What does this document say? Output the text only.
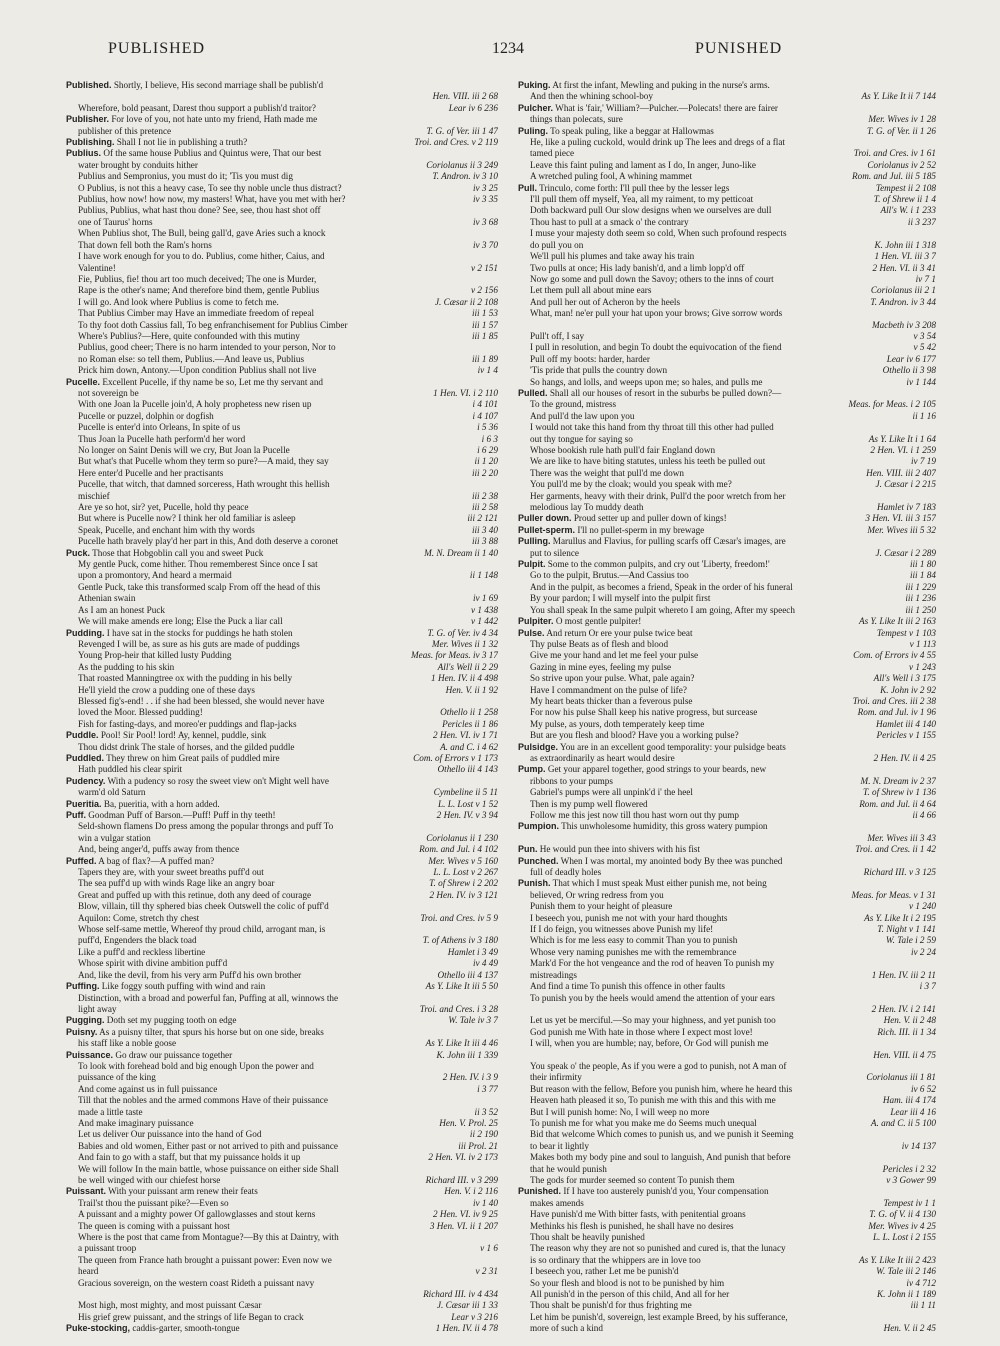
PUBLISHED	1234	PUNISHED
Published. Shortly, I believe, His second marriage shall be publish'd
Hen. VIII. iii 2 68
Lear iv 6 236
Wherefore, bold peasant, Darest thou support a publish'd traitor?
Publisher. For love of you, not hate unto my friend, Hath made me
T. G. of Ver. iii 1 47
publisher of this pretence
Troi. and Cres. v 2 119
Publishing. Shall I not lie in publishing a truth?
Publius. Of the same house Publius and Quintus were, That our best
Coriolanus ii 3 249
water brought by conduits hither
T. Andron. iv 3 10
Publius and Sempronius, you must do it; 'Tis you must dig
iv 3 25
O Publius, is not this a heavy case, To see thy noble uncle thus distract?
iv 3 35
Publius, how now! how now, my masters! What, have you met with her?
Publius, Publius, what hast thou done? See, see, thou hast shot off
iv 3 68
one of Taurus' horns
When Publius shot, The Bull, being gall'd, gave Aries such a knock
iv 3 70
That down fell both the Ram's horns
I have work enough for you to do. Publius, come hither, Caius, and
v 2 151
Valentine!
Fie, Publius, fie! thou art too much deceived; The one is Murder,
v 2 156
Rape is the other's name; And therefore bind them, gentle Publius
J. Cæsar ii 2 108
I will go. And look where Publius is come to fetch me.
iii 1 53
That Publius Cimber may Have an immediate freedom of repeal
iii 1 57
To thy foot doth Cassius fall, To beg enfranchisement for Publius Cimber
iii 1 85
Where's Publius?—Here, quite confounded with this mutiny
Publius, good cheer; There is no harm intended to your person, Nor to
iii 1 89
no Roman else: so tell them, Publius.—And leave us, Publius
iv 1 4
Prick him down, Antony.—Upon condition Publius shall not live
Pucelle. Excellent Pucelle, if thy name be so, Let me thy servant and
1 Hen. VI. i 2 110
not sovereign be
i 4 101
With one Joan la Pucelle join'd, A holy prophetess new risen up
i 4 107
Pucelle or puzzel, dolphin or dogfish
i 5 36
Pucelle is enter'd into Orleans, In spite of us
i 6 3
Thus Joan la Pucelle hath perform'd her word
i 6 29
No longer on Saint Denis will we cry, But Joan la Pucelle
ii 1 20
But what's that Pucelle whom they term so pure?—A maid, they say
iii 2 20
Here enter'd Pucelle and her practisants
Pucelle, that witch, that damned sorceress, Hath wrought this hellish
iii 2 38
mischief
iii 2 58
Are ye so hot, sir? yet, Pucelle, hold thy peace
iii 2 121
But where is Pucelle now? I think her old familiar is asleep
iii 3 40
Speak, Pucelle, and enchant him with thy words
iii 3 88
Pucelle hath bravely play'd her part in this, And doth deserve a coronet
M. N. Dream ii 1 40
Puck. Those that Hobgoblin call you and sweet Puck
My gentle Puck, come hither. Thou rememberest Since once I sat
ii 1 148
upon a promontory, And heard a mermaid
Gentle Puck, take this transformed scalp From off the head of this
iv 1 69
Athenian swain
v 1 438
As I am an honest Puck
v 1 442
We will make amends ere long; Else the Puck a liar call
T. G. of Ver. iv 4 34
Pudding. I have sat in the stocks for puddings he hath stolen
Mer. Wives ii 1 32
Revenged I will be, as sure as his guts are made of puddings
Meas. for Meas. iv 3 17
Young Prop-heir that killed lusty Pudding
All's Well ii 2 29
As the pudding to his skin
1 Hen. IV. ii 4 498
That roasted Manningtree ox with the pudding in his belly
Hen. V. ii 1 92
He'll yield the crow a pudding one of these days
Blessed fig's-end! . . if she had been blessed, she would never have
Othello ii 1 258
loved the Moor. Blessed pudding!
Pericles ii 1 86
Fish for fasting-days, and moreo'er puddings and flap-jacks
2 Hen. VI. iv 1 71
Puddle. Pool! Sir Pool! lord! Ay, kennel, puddle, sink
A. and C. i 4 62
Thou didst drink The stale of horses, and the gilded puddle
Com. of Errors v 1 173
Puddled. They threw on him Great pails of puddled mire
Othello iii 4 143
Hath puddled his clear spirit
Pudency. With a pudency so rosy the sweet view on't Might well have
Cymbeline ii 5 11
warm'd old Saturn
L. L. Lost v 1 52
Pueritia. Ba, pueritia, with a horn added.
2 Hen. IV. v 3 94
Puff. Goodman Puff of Barson.—Puff! Puff in thy teeth!
Seld-shown flamens Do press among the popular throngs and puff To
Coriolanus ii 1 230
win a vulgar station
Rom. and Jul. i 4 102
And, being anger'd, puffs away from thence
Mer. Wives v 5 160
Puffed. A bag of flax?—A puffed man?
L. L. Lost v 2 267
Tapers they are, with your sweet breaths puff'd out
T. of Shrew i 2 202
The sea puff'd up with winds Rage like an angry boar
2 Hen. IV. iv 3 121
Great and puffed up with this retinue, doth any deed of courage
Blow, villain, till thy sphered bias cheek Outswell the colic of puff'd
Troi. and Cres. iv 5 9
Aquilon: Come, stretch thy chest
Whose self-same mettle, Whereof thy proud child, arrogant man, is
T. of Athens iv 3 180
puff'd, Engenders the black toad
Hamlet i 3 49
Like a puff'd and reckless libertine
iv 4 49
Whose spirit with divine ambition puff'd
Othello iii 4 137
And, like the devil, from his very arm Puff'd his own brother
As Y. Like It iii 5 50
Puffing. Like foggy south puffing with wind and rain
Distinction, with a broad and powerful fan, Puffing at all, winnows the
Troi. and Cres. i 3 28
light away
W. Tale iv 3 7
Pugging. Doth set my pugging tooth on edge
Puisny. As a puisny tilter, that spurs his horse but on one side, breaks
As Y. Like It iii 4 46
his staff like a noble goose
K. John iii 1 339
Puissance. Go draw our puissance together
To look with forehead bold and big enough Upon the power and
2 Hen. IV. i 3 9
puissance of the king
i 3 77
And come against us in full puissance
Till that the nobles and the armed commons Have of their puissance
ii 3 52
made a little taste
Hen. V. Prol. 25
And make imaginary puissance
ii 2 190
Let us deliver Our puissance into the hand of God
iii Prol. 21
Babies and old women, Either past or not arrived to pith and puissance
2 Hen. VI. iv 2 173
And fain to go with a staff, but that my puissance holds it up
We will follow In the main battle, whose puissance on either side Shall
Richard III. v 3 299
be well winged with our chiefest horse
Hen. V. i 2 116
Puissant. With your puissant arm renew their feats
iv 1 40
Trail'st thou the puissant pike?—Even so
2 Hen. VI. iv 9 25
A puissant and a mighty power Of gallowglasses and stout kerns
3 Hen. VI. ii 1 207
The queen is coming with a puissant host
Where is the post that came from Montague?—By this at Daintry, with
v 1 6
a puissant troop
The queen from France hath brought a puissant power: Even now we
v 2 31
heard
Gracious sovereign, on the western coast Rideth a puissant navy
Richard III. iv 4 434
J. Cæsar iii 1 33
Most high, most mighty, and most puissant Cæsar
Lear v 3 216
His grief grew puissant, and the strings of life Began to crack
1 Hen. IV. ii 4 78
Puke-stocking, caddis-garter, smooth-tongue
Puking. At first the infant, Mewling and puking in the nurse's arms.
As Y. Like It ii 7 144
And then the whining school-boy
Pulcher. What is 'fair,' William?—Pulcher.—Polecats! there are fairer
Mer. Wives iv 1 28
things than polecats, sure
T. G. of Ver. ii 1 26
Puling. To speak puling, like a beggar at Hallowmas
He, like a puling cuckold, would drink up The lees and dregs of a flat
Troi. and Cres. iv 1 61
tamed piece
Coriolanus iv 2 52
Leave this faint puling and lament as I do, In anger, Juno-like
Rom. and Jul. iii 5 185
A wretched puling fool, A whining mammet
Tempest ii 2 108
Pull. Trinculo, come forth: I'll pull thee by the lesser legs
T. of Shrew ii 1 4
I'll pull them off myself, Yea, all my raiment, to my petticoat
All's W. i 1 233
Doth backward pull Our slow designs when we ourselves are dull
ii 3 237
Thou hast to pull at a smack o' the contrary
I muse your majesty doth seem so cold, When such profound respects
K. John iii 1 318
do pull you on
1 Hen. VI. iii 3 7
We'll pull his plumes and take away his train
2 Hen. VI. ii 3 41
Two pulls at once; His lady banish'd, and a limb lopp'd off
iv 7 1
Now go some and pull down the Savoy; others to the inns of court
Coriolanus iii 2 1
Let them pull all about mine ears
T. Andron. iv 3 44
And pull her out of Acheron by the heels
What, man! ne'er pull your hat upon your brows; Give sorrow words
Macbeth iv 3 208
v 3 54
Pull't off, I say
v 5 42
I pull in resolution, and begin To doubt the equivocation of the fiend
Lear iv 6 177
Pull off my boots: harder, harder
Othello ii 3 98
'Tis pride that pulls the country down
iv 1 144
So hangs, and lolls, and weeps upon me; so hales, and pulls me
Pulled. Shall all our houses of resort in the suburbs be pulled down?—
Meas. for Meas. i 2 105
To the ground, mistress
ii 1 16
And pull'd the law upon you
I would not take this hand from thy throat till this other had pulled
As Y. Like It i 1 64
out thy tongue for saying so
2 Hen. VI. i 1 259
Whose bookish rule hath pull'd fair England down
iv 7 19
We are like to have biting statutes, unless his teeth be pulled out
Hen. VIII. iii 2 407
There was the weight that pull'd me down
J. Cæsar i 2 215
You pull'd me by the cloak; would you speak with me?
Her garments, heavy with their drink, Pull'd the poor wretch from her
Hamlet iv 7 183
melodious lay To muddy death
3 Hen. VI. iii 3 157
Puller down. Proud setter up and puller down of kings!
Mer. Wives iii 5 32
Pullet-sperm. I'll no pullet-sperm in my brewage
Pulling. Marullus and Flavius, for pulling scarfs off Cæsar's images, are
J. Cæsar i 2 289
put to silence
iii 1 80
Pulpit. Some to the common pulpits, and cry out 'Liberty, freedom!'
iii 1 84
Go to the pulpit, Brutus.—And Cassius too
iii 1 229
And in the pulpit, as becomes a friend, Speak in the order of his funeral
iii 1 236
By your pardon; I will myself into the pulpit first
iii 1 250
You shall speak In the same pulpit whereto I am going, After my speech
As Y. Like It iii 2 163
Pulpiter. O most gentle pulpiter!
Tempest v 1 103
Pulse. And return Or ere your pulse twice beat
v 1 113
Thy pulse Beats as of flesh and blood
Com. of Errors iv 4 55
Give me your hand and let me feel your pulse
v 1 243
Gazing in mine eyes, feeling my pulse
All's Well i 3 175
So strive upon your pulse. What, pale again?
K. John iv 2 92
Have I commandment on the pulse of life?
Troi. and Cres. iii 2 38
My heart beats thicker than a feverous pulse
Rom. and Jul. iv 1 96
For now his pulse Shall keep his native progress, but surcease
Hamlet iii 4 140
My pulse, as yours, doth temperately keep time
Pericles v 1 155
But are you flesh and blood? Have you a working pulse?
Pulsidge. You are in an excellent good temporality: your pulsidge beats
2 Hen. IV. ii 4 25
as extraordinarily as heart would desire
Pump. Get your apparel together, good strings to your beards, new
M. N. Dream iv 2 37
ribbons to your pumps
T. of Shrew iv 1 136
Gabriel's pumps were all unpink'd i' the heel
Rom. and Jul. ii 4 64
Then is my pump well flowered
ii 4 66
Follow me this jest now till thou hast worn out thy pump
Pumpion. This unwholesome humidity, this gross watery pumpion
Mer. Wives iii 3 43
Troi. and Cres. ii 1 42
Pun. He would pun thee into shivers with his fist
Punched. When I was mortal, my anointed body By thee was punched
Richard III. v 3 125
full of deadly holes
Punish. That which I must speak Must either punish me, not being
Meas. for Meas. v 1 31
believed, Or wring redress from you
v 1 240
Punish them to your height of pleasure
As Y. Like It i 2 195
I beseech you, punish me not with your hard thoughts
T. Night v 1 141
If I do feign, you witnesses above Punish my life!
W. Tale i 2 59
Which is for me less easy to commit Than you to punish
iv 2 24
Whose very naming punishes me with the remembrance
Mark'd For the hot vengeance and the rod of heaven To punish my
1 Hen. IV. iii 2 11
mistreadings
i 3 7
And find a time To punish this offence in other faults
To punish you by the heels would amend the attention of your ears
2 Hen. IV. i 2 141
Hen. V. ii 2 48
Let us yet be merciful.—So may your highness, and yet punish too
Rich. III. ii 1 34
God punish me With hate in those where I expect most love!
I will, when you are humble; nay, before, Or God will punish me
Hen. VIII. ii 4 75
You speak o' the people, As if you were a god to punish, not A man of
Coriolanus iii 1 81
their infirmity
iv 6 52
But reason with the fellow, Before you punish him, where he heard this
Ham. iii 4 174
Heaven hath pleased it so, To punish me with this and this with me
Lear iii 4 16
But I will punish home: No, I will weep no more
A. and C. ii 5 100
To punish me for what you make me do Seems much unequal
Bid that welcome Which comes to punish us, and we punish it Seeming
iv 14 137
to bear it lightly
Makes both my body pine and soul to languish, And punish that before
Pericles i 2 32
that he would punish
v 3 Gower 99
The gods for murder seemed so content To punish them
Punished. If I have too austerely punish'd you, Your compensation
Tempest iv 1 1
makes amends
T. G. of V. ii 4 130
Have punish'd me With bitter fasts, with penitential groans
Mer. Wives iv 4 25
Methinks his flesh is punished, he shall have no desires
L. L. Lost i 2 155
Thou shalt be heavily punished
The reason why they are not so punished and cured is, that the lunacy
As Y. Like It iii 2 423
is so ordinary that the whippers are in love too
W. Tale iii 2 146
I beseech you, rather Let me be punish'd
iv 4 712
So your flesh and blood is not to be punished by him
K. John ii 1 189
All punish'd in the person of this child, And all for her
iii 1 11
Thou shalt be punish'd for thus frighting me
Let him be punish'd, sovereign, lest example Breed, by his sufferance,
Hen. V. ii 2 45
more of such a kind
